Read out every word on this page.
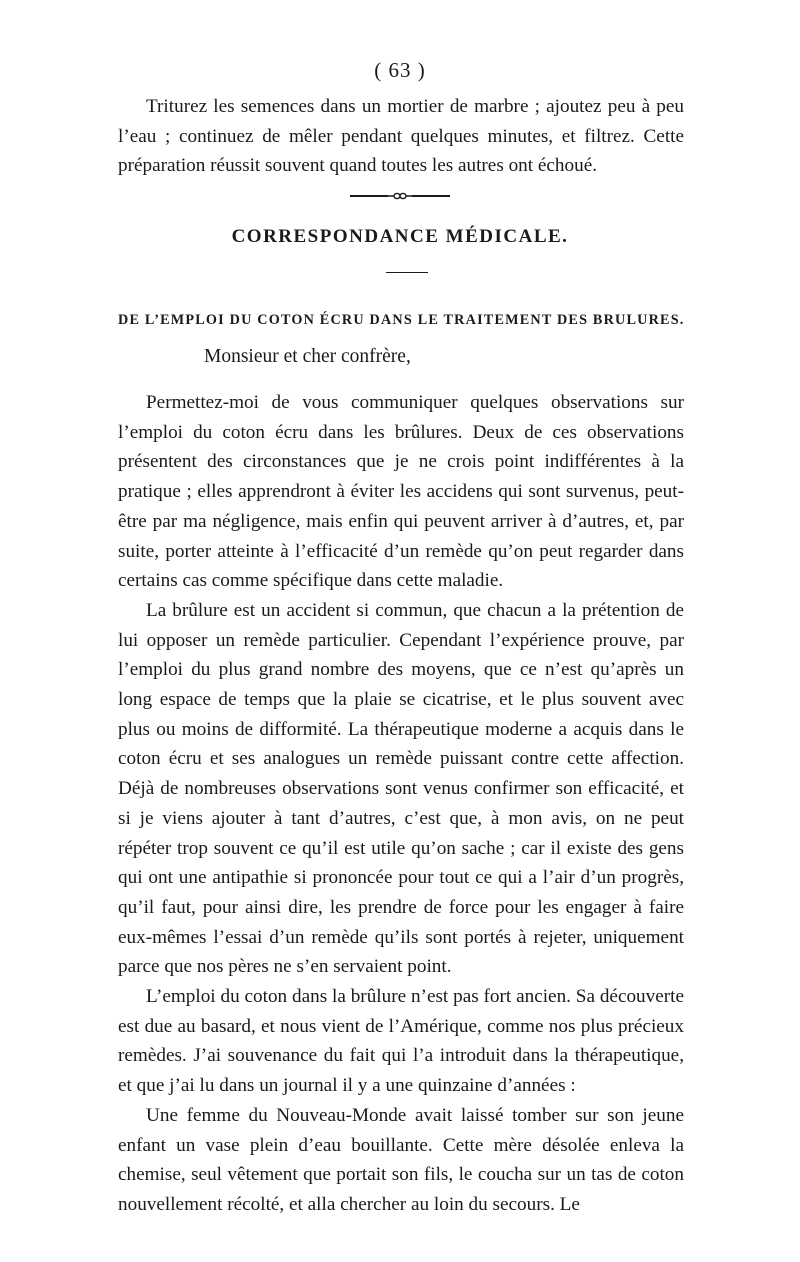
( 63 )

Triturez les semences dans un mortier de marbre ; ajoutez peu à peu l’eau ; continuez de mêler pendant quelques minutes, et filtrez. Cette préparation réussit souvent quand toutes les autres ont échoué.

CORRESPONDANCE MÉDICALE.
DE L’EMPLOI DU COTON ÉCRU DANS LE TRAITEMENT DES BRULURES.
Monsieur et cher confrère,

Permettez-moi de vous communiquer quelques observations sur l’emploi du coton écru dans les brûlures. Deux de ces observations présentent des circonstances que je ne crois point indifférentes à la pratique ; elles apprendront à éviter les accidens qui sont survenus, peut-être par ma négligence, mais enfin qui peuvent arriver à d’autres, et, par suite, porter atteinte à l’efficacité d’un remède qu’on peut regarder dans certains cas comme spécifique dans cette maladie.

La brûlure est un accident si commun, que chacun a la prétention de lui opposer un remède particulier. Cependant l’expérience prouve, par l’emploi du plus grand nombre des moyens, que ce n’est qu’après un long espace de temps que la plaie se cicatrise, et le plus souvent avec plus ou moins de difformité. La thérapeutique moderne a acquis dans le coton écru et ses analogues un remède puissant contre cette affection. Déjà de nombreuses observations sont venus confirmer son efficacité, et si je viens ajouter à tant d’autres, c’est que, à mon avis, on ne peut répéter trop souvent ce qu’il est utile qu’on sache ; car il existe des gens qui ont une antipathie si prononcée pour tout ce qui a l’air d’un progrès, qu’il faut, pour ainsi dire, les prendre de force pour les engager à faire eux-mêmes l’essai d’un remède qu’ils sont portés à rejeter, uniquement parce que nos pères ne s’en servaient point.

L’emploi du coton dans la brûlure n’est pas fort ancien. Sa découverte est due au basard, et nous vient de l’Amérique, comme nos plus précieux remèdes. J’ai souvenance du fait qui l’a introduit dans la thérapeutique, et que j’ai lu dans un journal il y a une quinzaine d’années :

Une femme du Nouveau-Monde avait laissé tomber sur son jeune enfant un vase plein d’eau bouillante. Cette mère désolée enleva la chemise, seul vêtement que portait son fils, le coucha sur un tas de coton nouvellement récolté, et alla chercher au loin du secours. Le
